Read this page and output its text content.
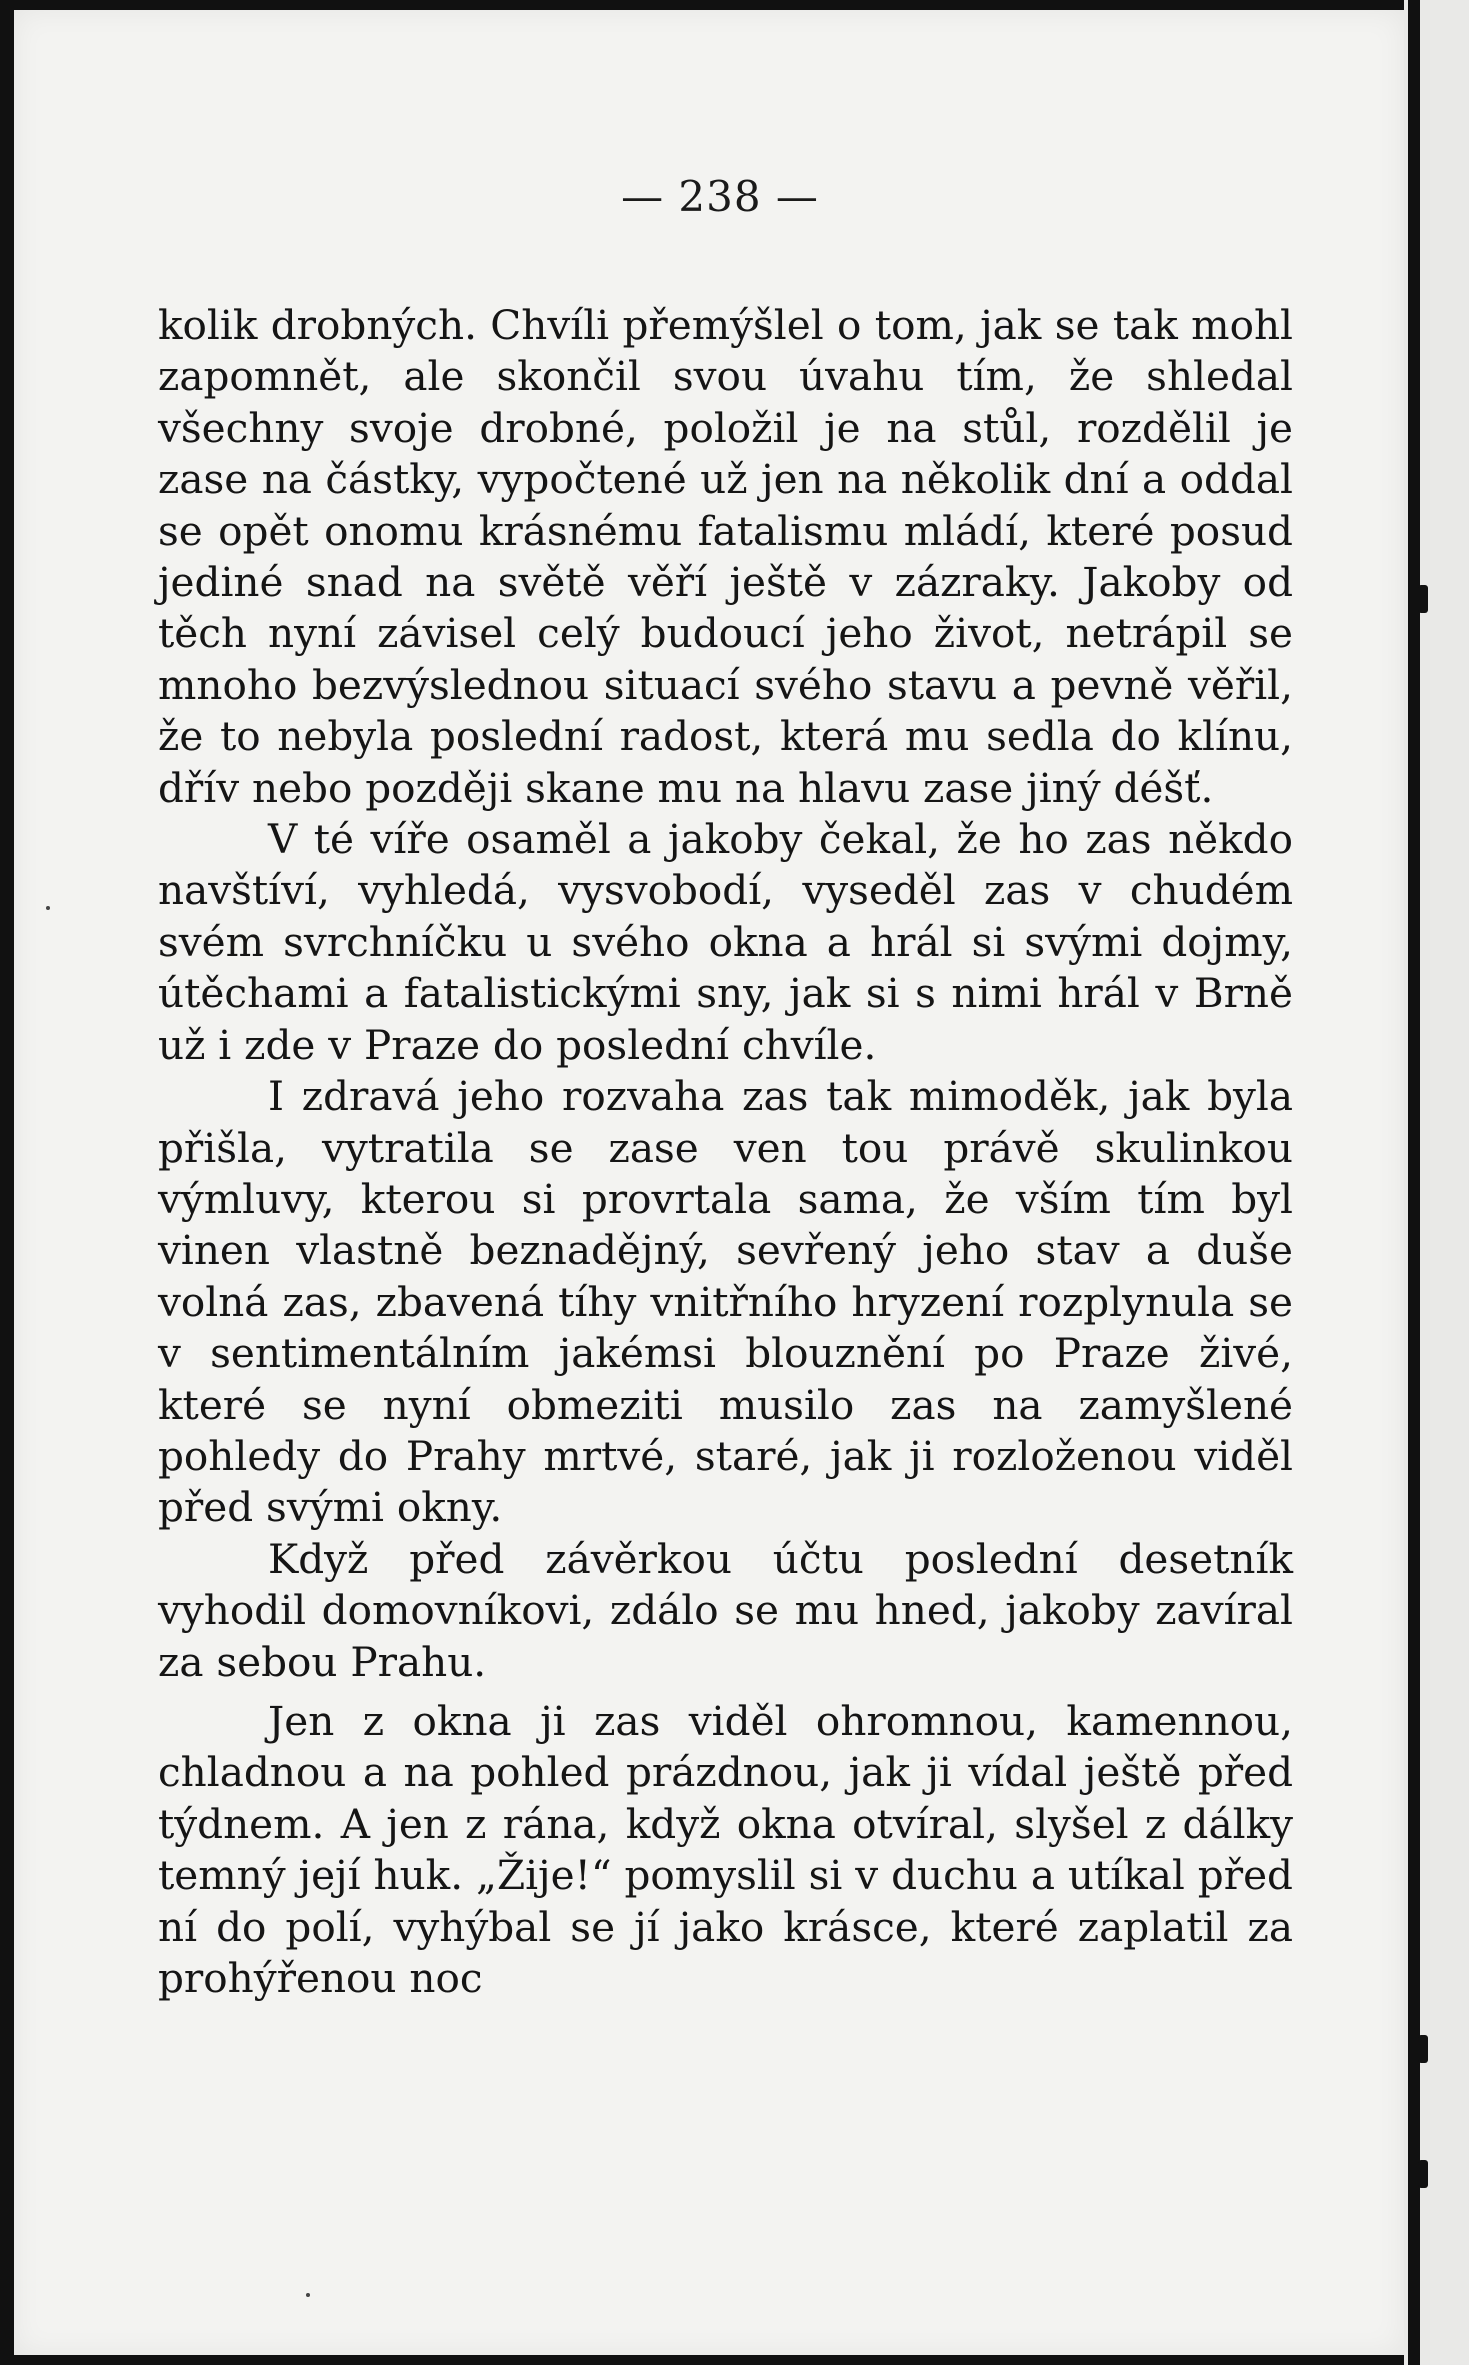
— 238 —

kolik drobných. Chvíli přemýšlel o tom, jak se tak mohl zapomnět, ale skončil svou úvahu tím, že shledal všechny svoje drobné, položil je na stůl, rozdělil je zase na částky, vypočtené už jen na několik dní a oddal se opět onomu krásnému fatalismu mládí, které posud jediné snad na světě věří ještě v zázraky. Jakoby od těch nyní závisel celý budoucí jeho život, netrápil se mnoho bezvýslednou situací svého stavu a pevně věřil, že to nebyla poslední radost, která mu sedla do klínu, dřív nebo později skane mu na hlavu zase jiný déšť.

V té víře osaměl a jakoby čekal, že ho zas někdo navštíví, vyhledá, vysvobodí, vyseděl zas v chudém svém svrchníčku u svého okna a hrál si svými dojmy, útěchami a fatalistickými sny, jak si s nimi hrál v Brně už i zde v Praze do poslední chvíle.

I zdravá jeho rozvaha zas tak mimoděk, jak byla přišla, vytratila se zase ven tou právě skulinkou výmluvy, kterou si provrtala sama, že vším tím byl vinen vlastně beznadějný, sevřený jeho stav a duše volná zas, zbavená tíhy vnitřního hryzení rozplynula se v sentimentálním jakémsi blouznění po Praze živé, které se nyní obmeziti musilo zas na zamyšlené pohledy do Prahy mrtvé, staré, jak ji rozloženou viděl před svými okny.

Když před závěrkou účtu poslední desetník vyhodil domovníkovi, zdálo se mu hned, jakoby zavíral za sebou Prahu.

Jen z okna ji zas viděl ohromnou, kamennou, chladnou a na pohled prázdnou, jak ji vídal ještě před týdnem. A jen z rána, když okna otvíral, slyšel z dálky temný její huk. „Žije!“ pomyslil si v duchu a utíkal před ní do polí, vyhýbal se jí jako krásce, které zaplatil za prohýřenou noc
